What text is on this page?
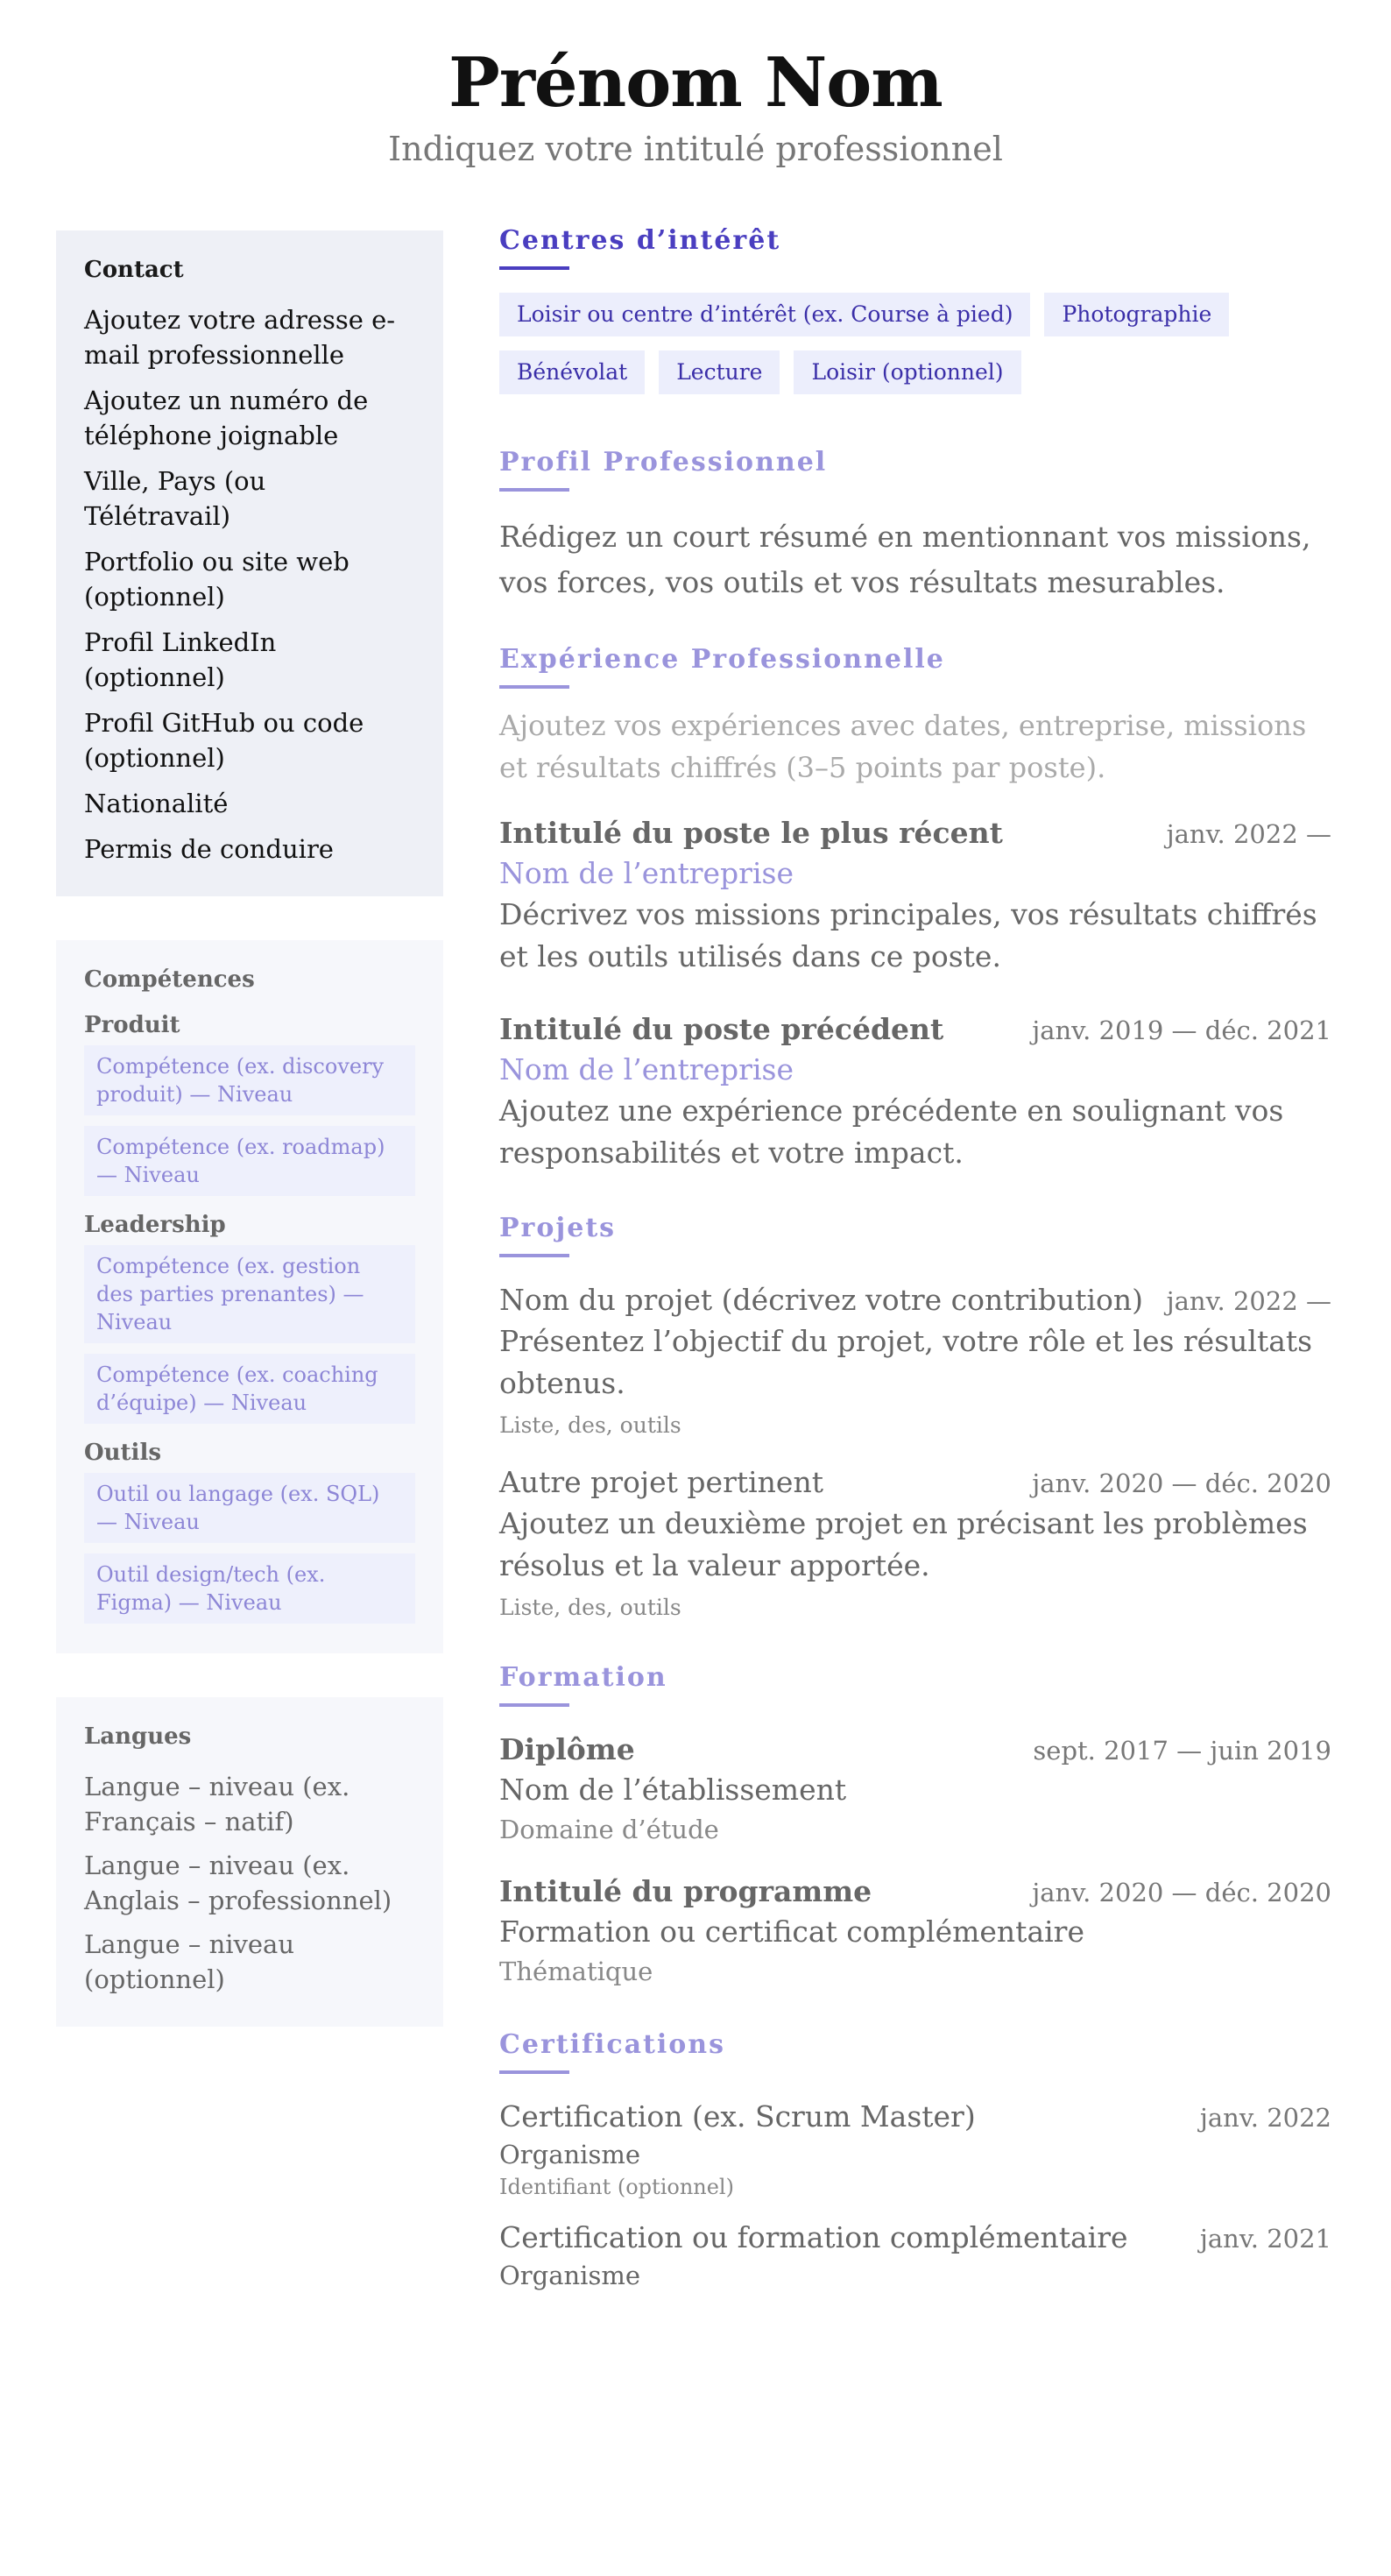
Prénom Nom
Indiquez votre intitulé professionnel
Contact
Ajoutez votre adresse e-mail professionnelle
Ajoutez un numéro de téléphone joignable
Ville, Pays (ou Télétravail)
Portfolio ou site web (optionnel)
Profil LinkedIn (optionnel)
Profil GitHub ou code (optionnel)
Nationalité
Permis de conduire
Compétences
Produit
Compétence (ex. discovery produit) — Niveau
Compétence (ex. roadmap) — Niveau
Leadership
Compétence (ex. gestion des parties prenantes) — Niveau
Compétence (ex. coaching d’équipe) — Niveau
Outils
Outil ou langage (ex. SQL) — Niveau
Outil design/tech (ex. Figma) — Niveau
Langues
Langue – niveau (ex. Français – natif)
Langue – niveau (ex. Anglais – professionnel)
Langue – niveau (optionnel)
Centres d’intérêt
Loisir ou centre d’intérêt (ex. Course à pied)	Photographie
Bénévolat	Lecture	Loisir (optionnel)
Profil Professionnel
Rédigez un court résumé en mentionnant vos missions, vos forces, vos outils et vos résultats mesurables.
Expérience Professionnelle
Ajoutez vos expériences avec dates, entreprise, missions et résultats chiffrés (3–5 points par poste).
Intitulé du poste le plus récent	janv. 2022 —
Nom de l’entreprise
Décrivez vos missions principales, vos résultats chiffrés et les outils utilisés dans ce poste.
Intitulé du poste précédent	janv. 2019 — déc. 2021
Nom de l’entreprise
Ajoutez une expérience précédente en soulignant vos responsabilités et votre impact.
Projets
Nom du projet (décrivez votre contribution) janv. 2022 —
Présentez l’objectif du projet, votre rôle et les résultats obtenus.
Liste, des, outils
Autre projet pertinent	janv. 2020 — déc. 2020
Ajoutez un deuxième projet en précisant les problèmes résolus et la valeur apportée.
Liste, des, outils
Formation
Diplôme	sept. 2017 — juin 2019
Nom de l’établissement
Domaine d’étude
Intitulé du programme	janv. 2020 — déc. 2020
Formation ou certificat complémentaire
Thématique
Certifications
Certification (ex. Scrum Master)	janv. 2022
Organisme
Identifiant (optionnel)
Certification ou formation complémentaire	janv. 2021
Organisme
